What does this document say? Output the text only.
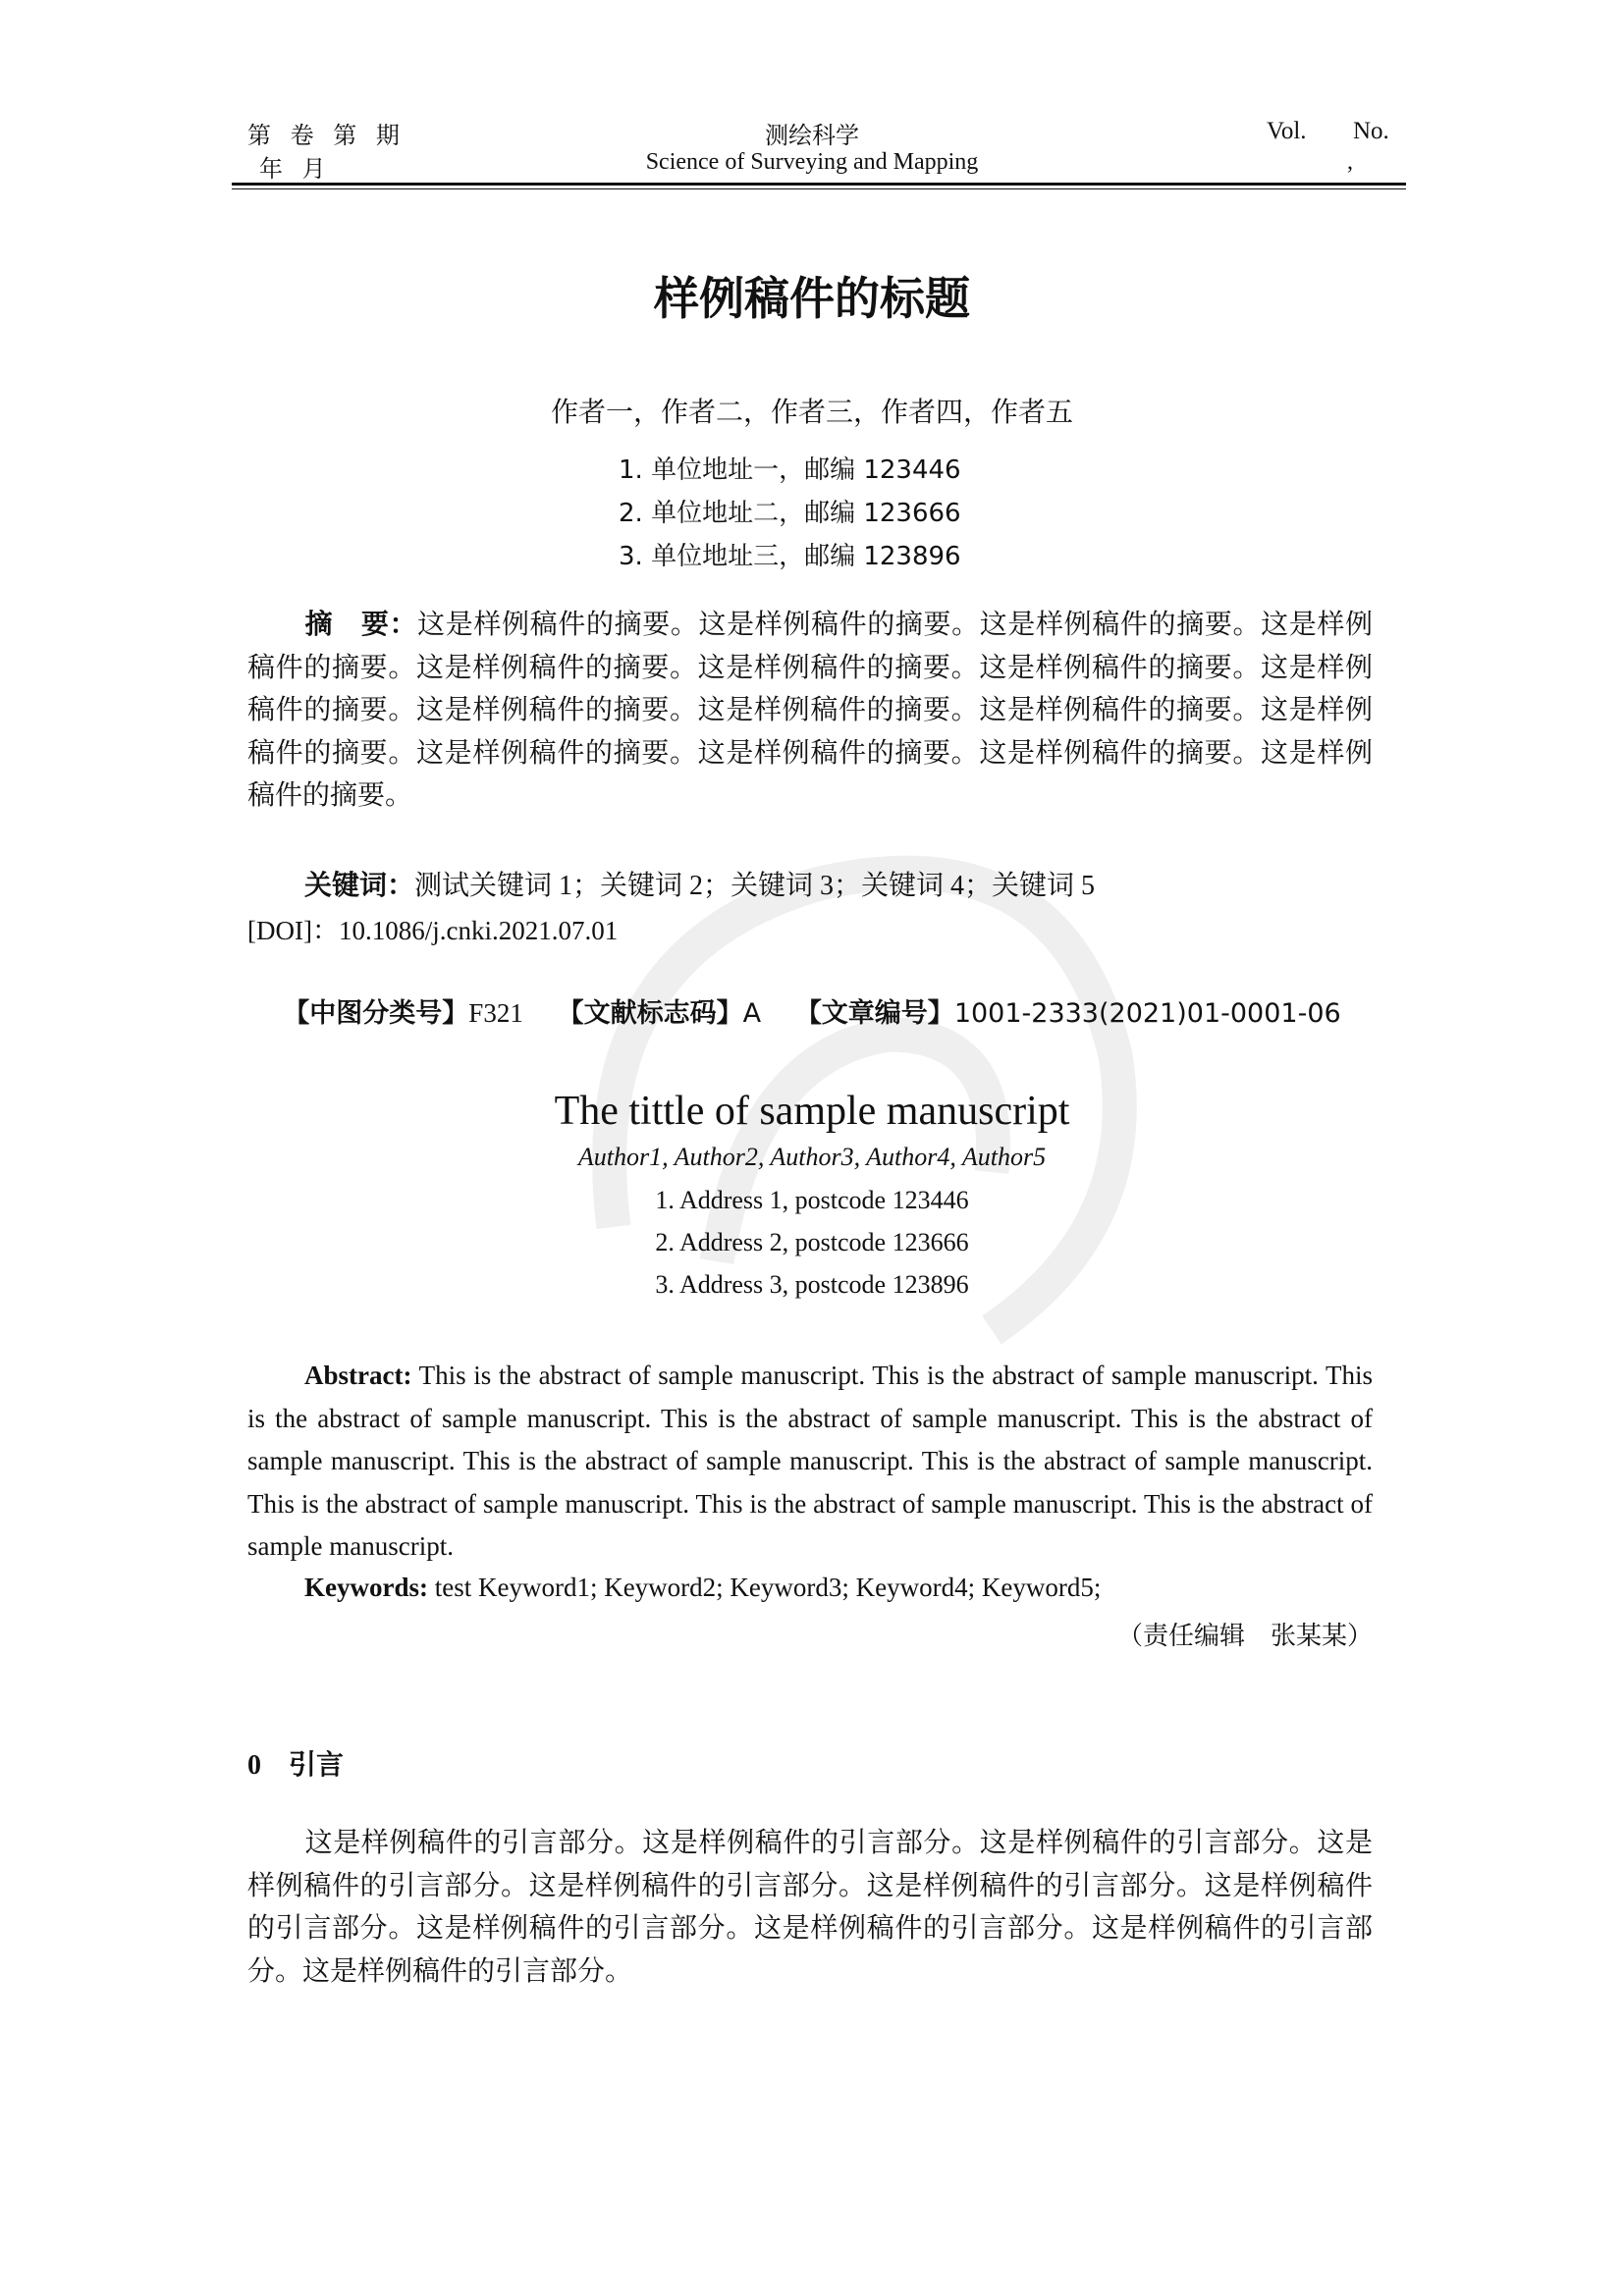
第 卷 第 期
年 月
测绘科学
Science of Surveying and Mapping
Vol. No.
,
样例稿件的标题
作者一，作者二，作者三，作者四，作者五
1. 单位地址一，邮编 123446
2. 单位地址二，邮编 123666
3. 单位地址三，邮编 123896
摘　要：这是样例稿件的摘要。这是样例稿件的摘要。这是样例稿件的摘要。这是样例稿件的摘要。这是样例稿件的摘要。这是样例稿件的摘要。这是样例稿件的摘要。这是样例稿件的摘要。这是样例稿件的摘要。这是样例稿件的摘要。这是样例稿件的摘要。这是样例稿件的摘要。这是样例稿件的摘要。这是样例稿件的摘要。这是样例稿件的摘要。这是样例稿件的摘要。
关键词：测试关键词 1；关键词 2；关键词 3；关键词 4；关键词 5
[DOI]：10.1086/j.cnki.2021.07.01
【中图分类号】F321 【文献标志码】A 【文章编号】1001-2333(2021)01-0001-06
The tittle of sample manuscript
Author1, Author2, Author3, Author4, Author5
1. Address 1, postcode 123446
2. Address 2, postcode 123666
3. Address 3, postcode 123896
Abstract: This is the abstract of sample manuscript. This is the abstract of sample manuscript. This is the abstract of sample manuscript. This is the abstract of sample manuscript. This is the abstract of sample manuscript. This is the abstract of sample manuscript. This is the abstract of sample manuscript. This is the abstract of sample manuscript. This is the abstract of sample manuscript. This is the abstract of sample manuscript.
Keywords: test Keyword1; Keyword2; Keyword3; Keyword4; Keyword5;
（责任编辑　张某某）
0 引言
这是样例稿件的引言部分。这是样例稿件的引言部分。这是样例稿件的引言部分。这是样例稿件的引言部分。这是样例稿件的引言部分。这是样例稿件的引言部分。这是样例稿件的引言部分。这是样例稿件的引言部分。这是样例稿件的引言部分。这是样例稿件的引言部分。这是样例稿件的引言部分。
